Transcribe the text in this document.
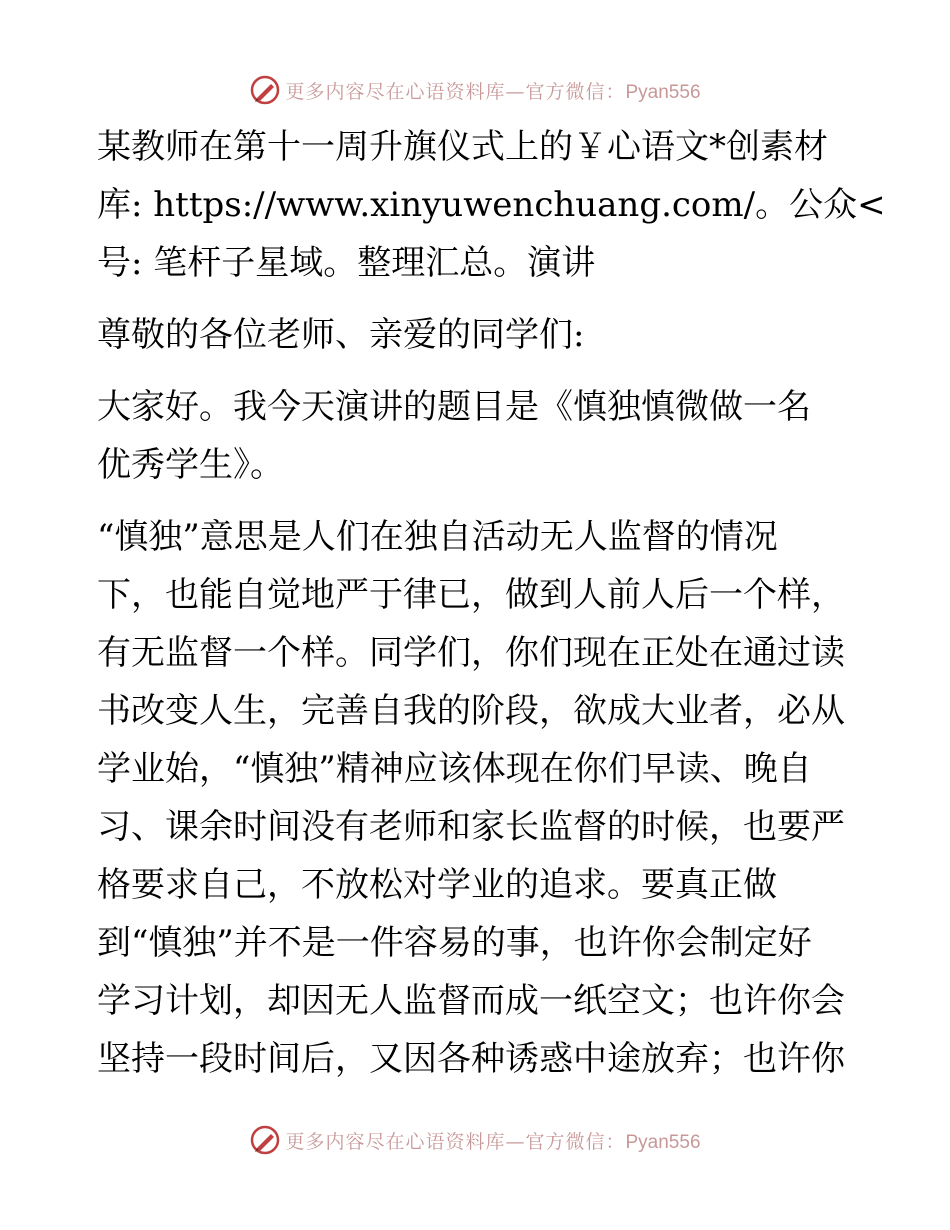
更多内容尽在心语资料库—官方微信：Pyan556
某教师在第十一周升旗仪式上的￥心语文*创素材
库: https://www.xinyuwenchuang.com/。公众<
号: 笔杆子星域。整理汇总。演讲
尊敬的各位老师、亲爱的同学们:
大家好。我今天演讲的题目是《慎独慎微做一名
优秀学生》。
“慎独”意思是人们在独自活动无人监督的情况
下，也能自觉地严于律已，做到人前人后一个样，
有无监督一个样。同学们，你们现在正处在通过读
书改变人生，完善自我的阶段，欲成大业者，必从
学业始，“慎独”精神应该体现在你们早读、晚自
习、课余时间没有老师和家长监督的时候，也要严
格要求自己，不放松对学业的追求。要真正做
到“慎独”并不是一件容易的事，也许你会制定好
学习计划，却因无人监督而成一纸空文；也许你会
坚持一段时间后，又因各种诱惑中途放弃；也许你
更多内容尽在心语资料库—官方微信：Pyan556
